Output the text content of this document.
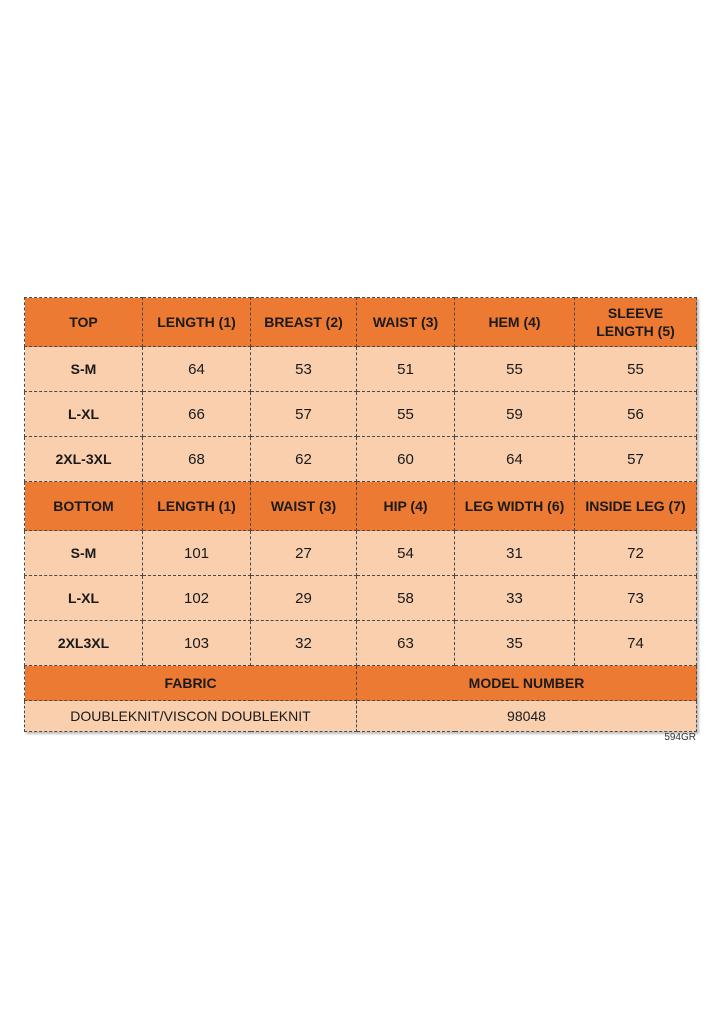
TOP	LENGTH (1)	BREAST (2)	WAIST (3)	HEM (4)	SLEEVE LENGTH (5)
S-M	64	53	51	55	55
L-XL	66	57	55	59	56
2XL-3XL	68	62	60	64	57
BOTTOM	LENGTH (1)	WAIST (3)	HIP (4)	LEG WIDTH (6)	INSIDE LEG (7)
S-M	101	27	54	31	72
L-XL	102	29	58	33	73
2XL3XL	103	32	63	35	74
FABRIC			MODEL NUMBER		
DOUBLEKNIT/VISCON DOUBLEKNIT			98048		
594GR
